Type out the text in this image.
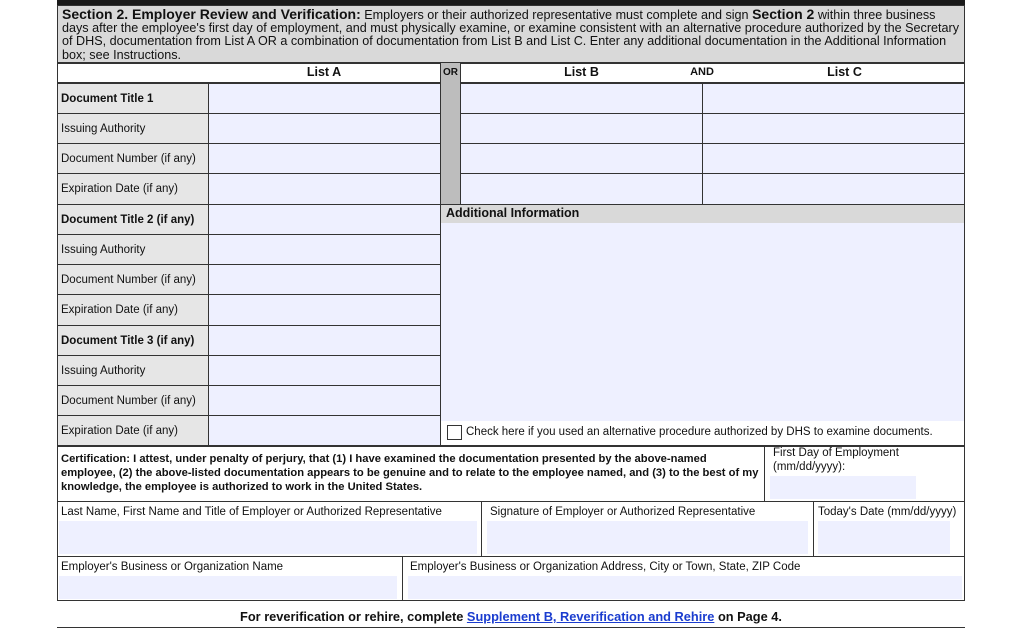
Section 2. Employer Review and Verification: Employers or their authorized representative must complete and sign Section 2 within three business days after the employee's first day of employment, and must physically examine, or examine consistent with an alternative procedure authorized by the Secretary of DHS, documentation from List A OR a combination of documentation from List B and List C. Enter any additional documentation in the Additional Information box; see Instructions.
List A	OR	List B	AND	List C
Document Title 1
Issuing Authority
Document Number (if any)
Expiration Date (if any)
Document Title 2 (if any)
Issuing Authority
Document Number (if any)
Expiration Date (if any)
Document Title 3 (if any)
Issuing Authority
Document Number (if any)
Expiration Date (if any)
Additional Information
Check here if you used an alternative procedure authorized by DHS to examine documents.
Certification: I attest, under penalty of perjury, that (1) I have examined the documentation presented by the above-named employee, (2) the above-listed documentation appears to be genuine and to relate to the employee named, and (3) to the best of my knowledge, the employee is authorized to work in the United States.
First Day of Employment
(mm/dd/yyyy):
Last Name, First Name and Title of Employer or Authorized Representative	Signature of Employer or Authorized Representative	Today's Date (mm/dd/yyyy)
Employer's Business or Organization Name	Employer's Business or Organization Address, City or Town, State, ZIP Code
For reverification or rehire, complete Supplement B, Reverification and Rehire on Page 4.
